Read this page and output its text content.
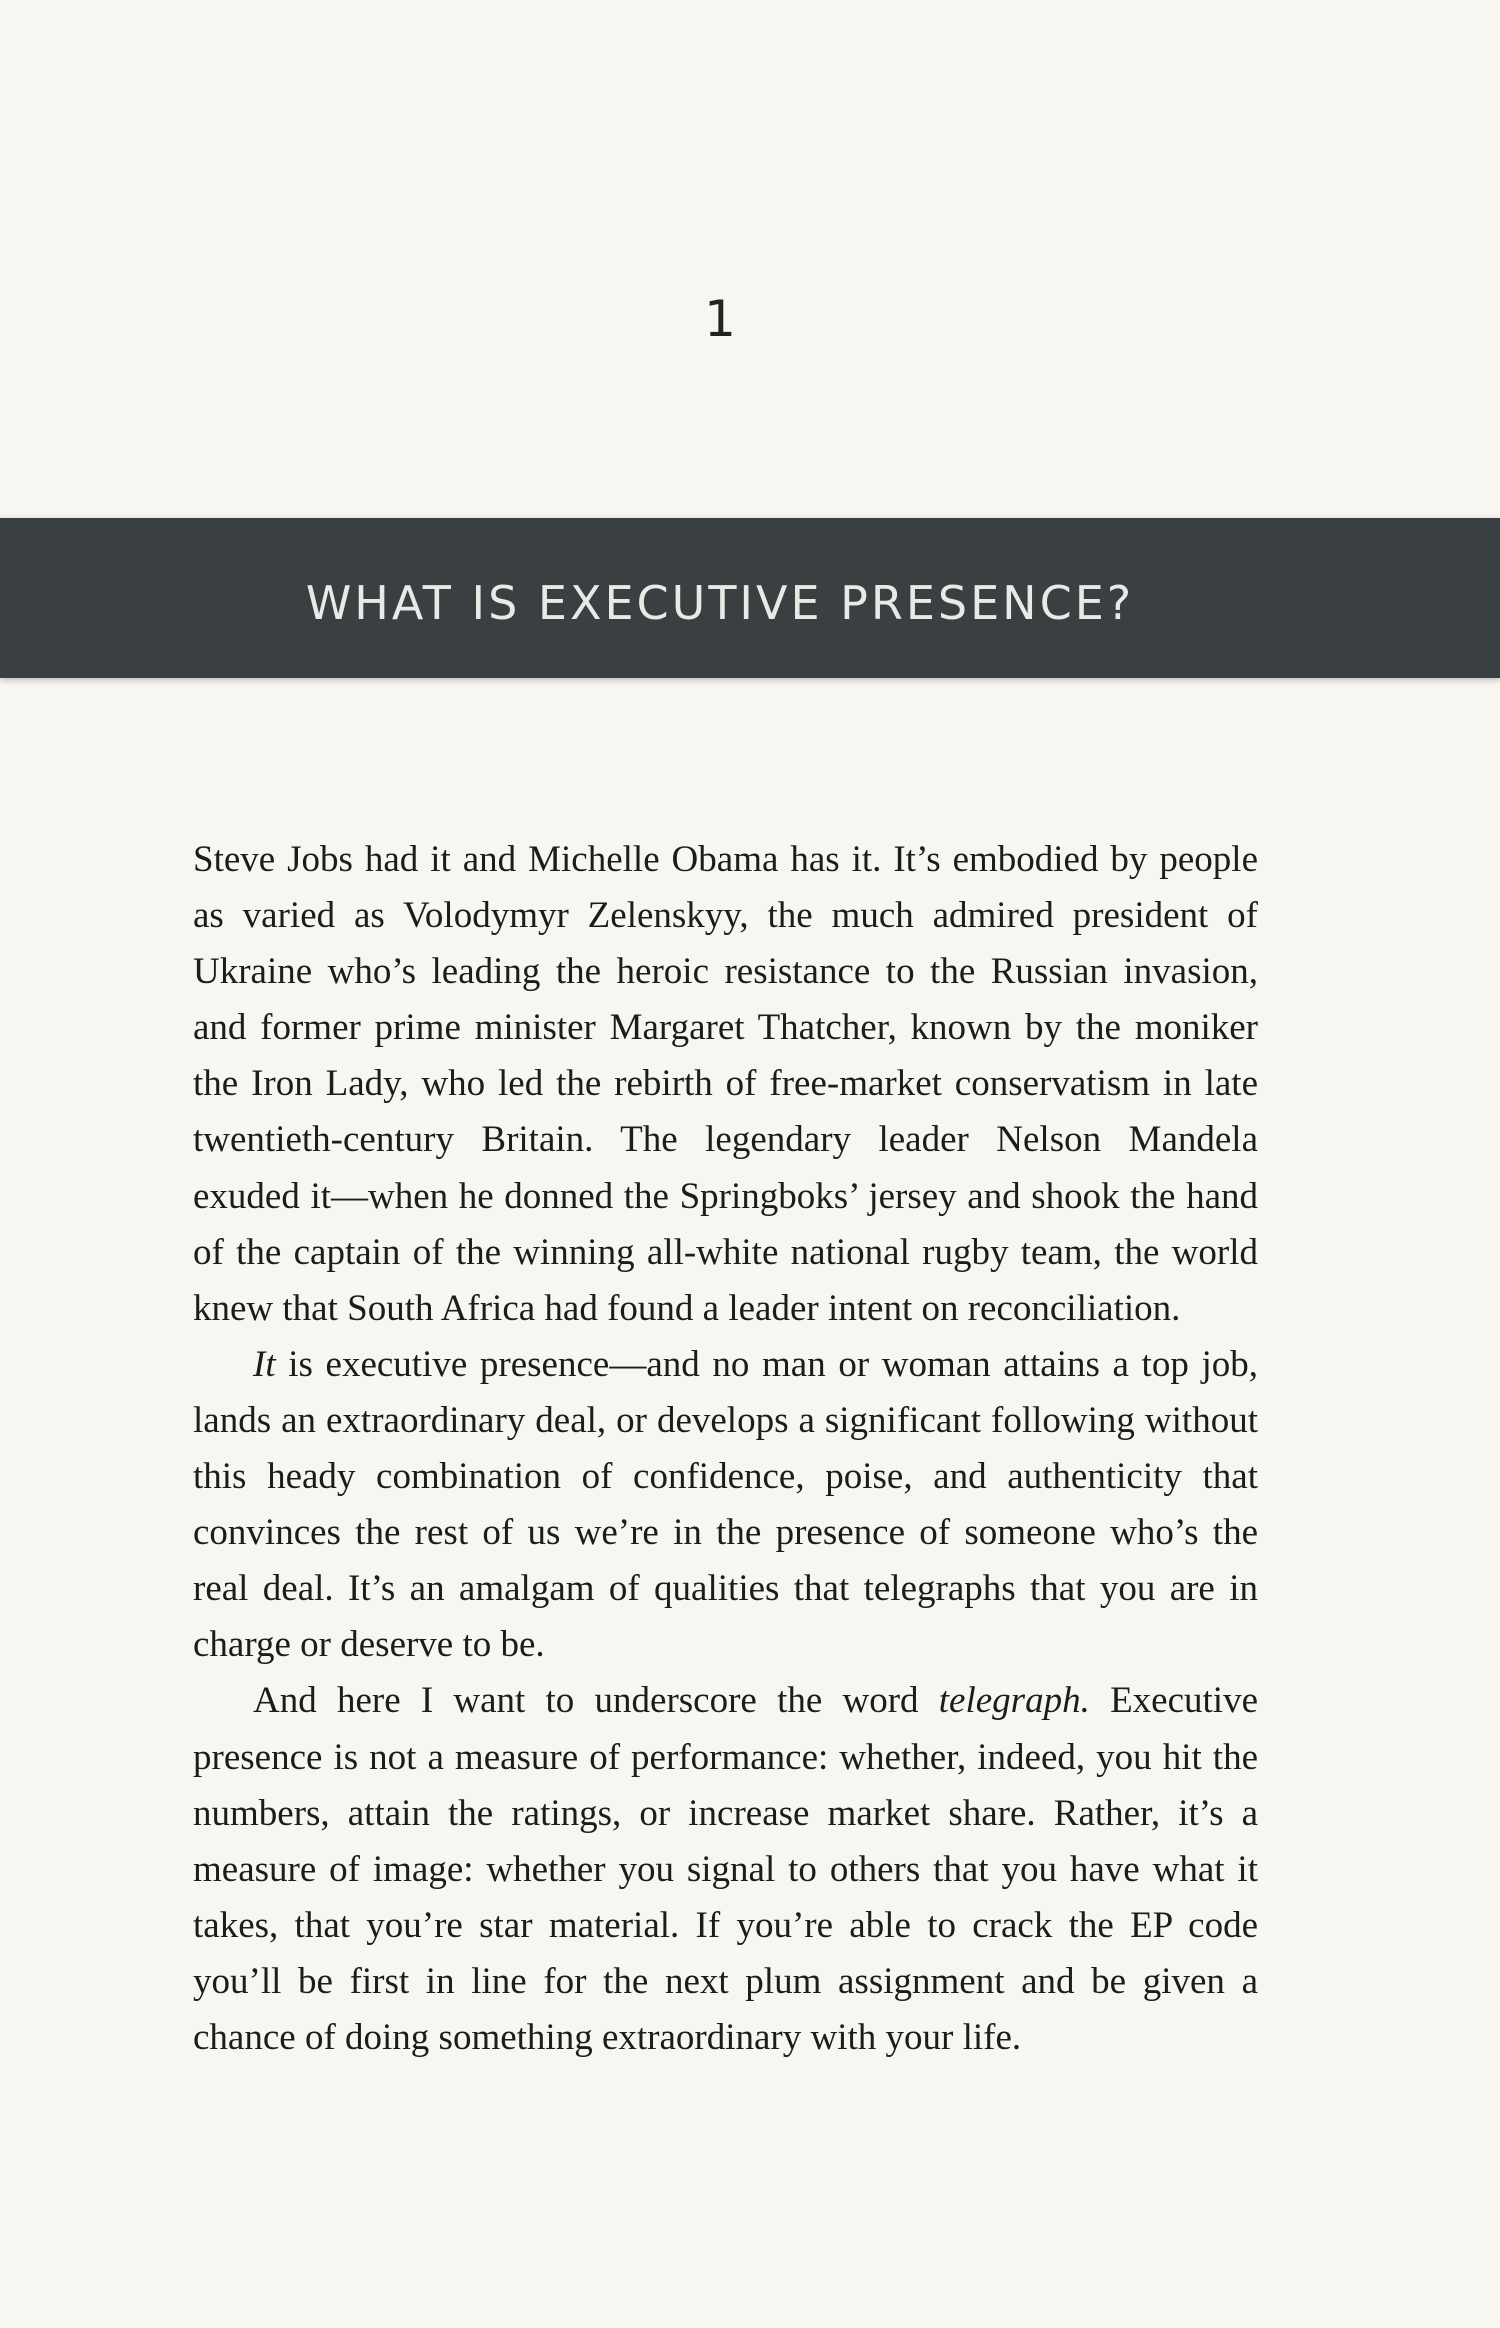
1
WHAT IS EXECUTIVE PRESENCE?

Steve Jobs had it and Michelle Obama has it. It’s embodied by people as varied as Volodymyr Zelenskyy, the much admired president of Ukraine who’s leading the heroic resistance to the Russian invasion, and former prime minister Margaret Thatcher, known by the moniker the Iron Lady, who led the rebirth of free-market conservatism in late twentieth-century Britain. The legendary leader Nelson Mandela exuded it—when he donned the Springboks’ jersey and shook the hand of the captain of the winning all-white national rugby team, the world knew that South Africa had found a leader intent on reconciliation.

It is executive presence—and no man or woman attains a top job, lands an extraordinary deal, or develops a significant following without this heady combination of confidence, poise, and authenticity that convinces the rest of us we’re in the presence of someone who’s the real deal. It’s an amalgam of qualities that telegraphs that you are in charge or deserve to be.

And here I want to underscore the word telegraph. Executive presence is not a measure of performance: whether, indeed, you hit the numbers, attain the ratings, or increase market share. Rather, it’s a measure of image: whether you signal to others that you have what it takes, that you’re star material. If you’re able to crack the EP code you’ll be first in line for the next plum assignment and be given a chance of doing something extraordinary with your life.
